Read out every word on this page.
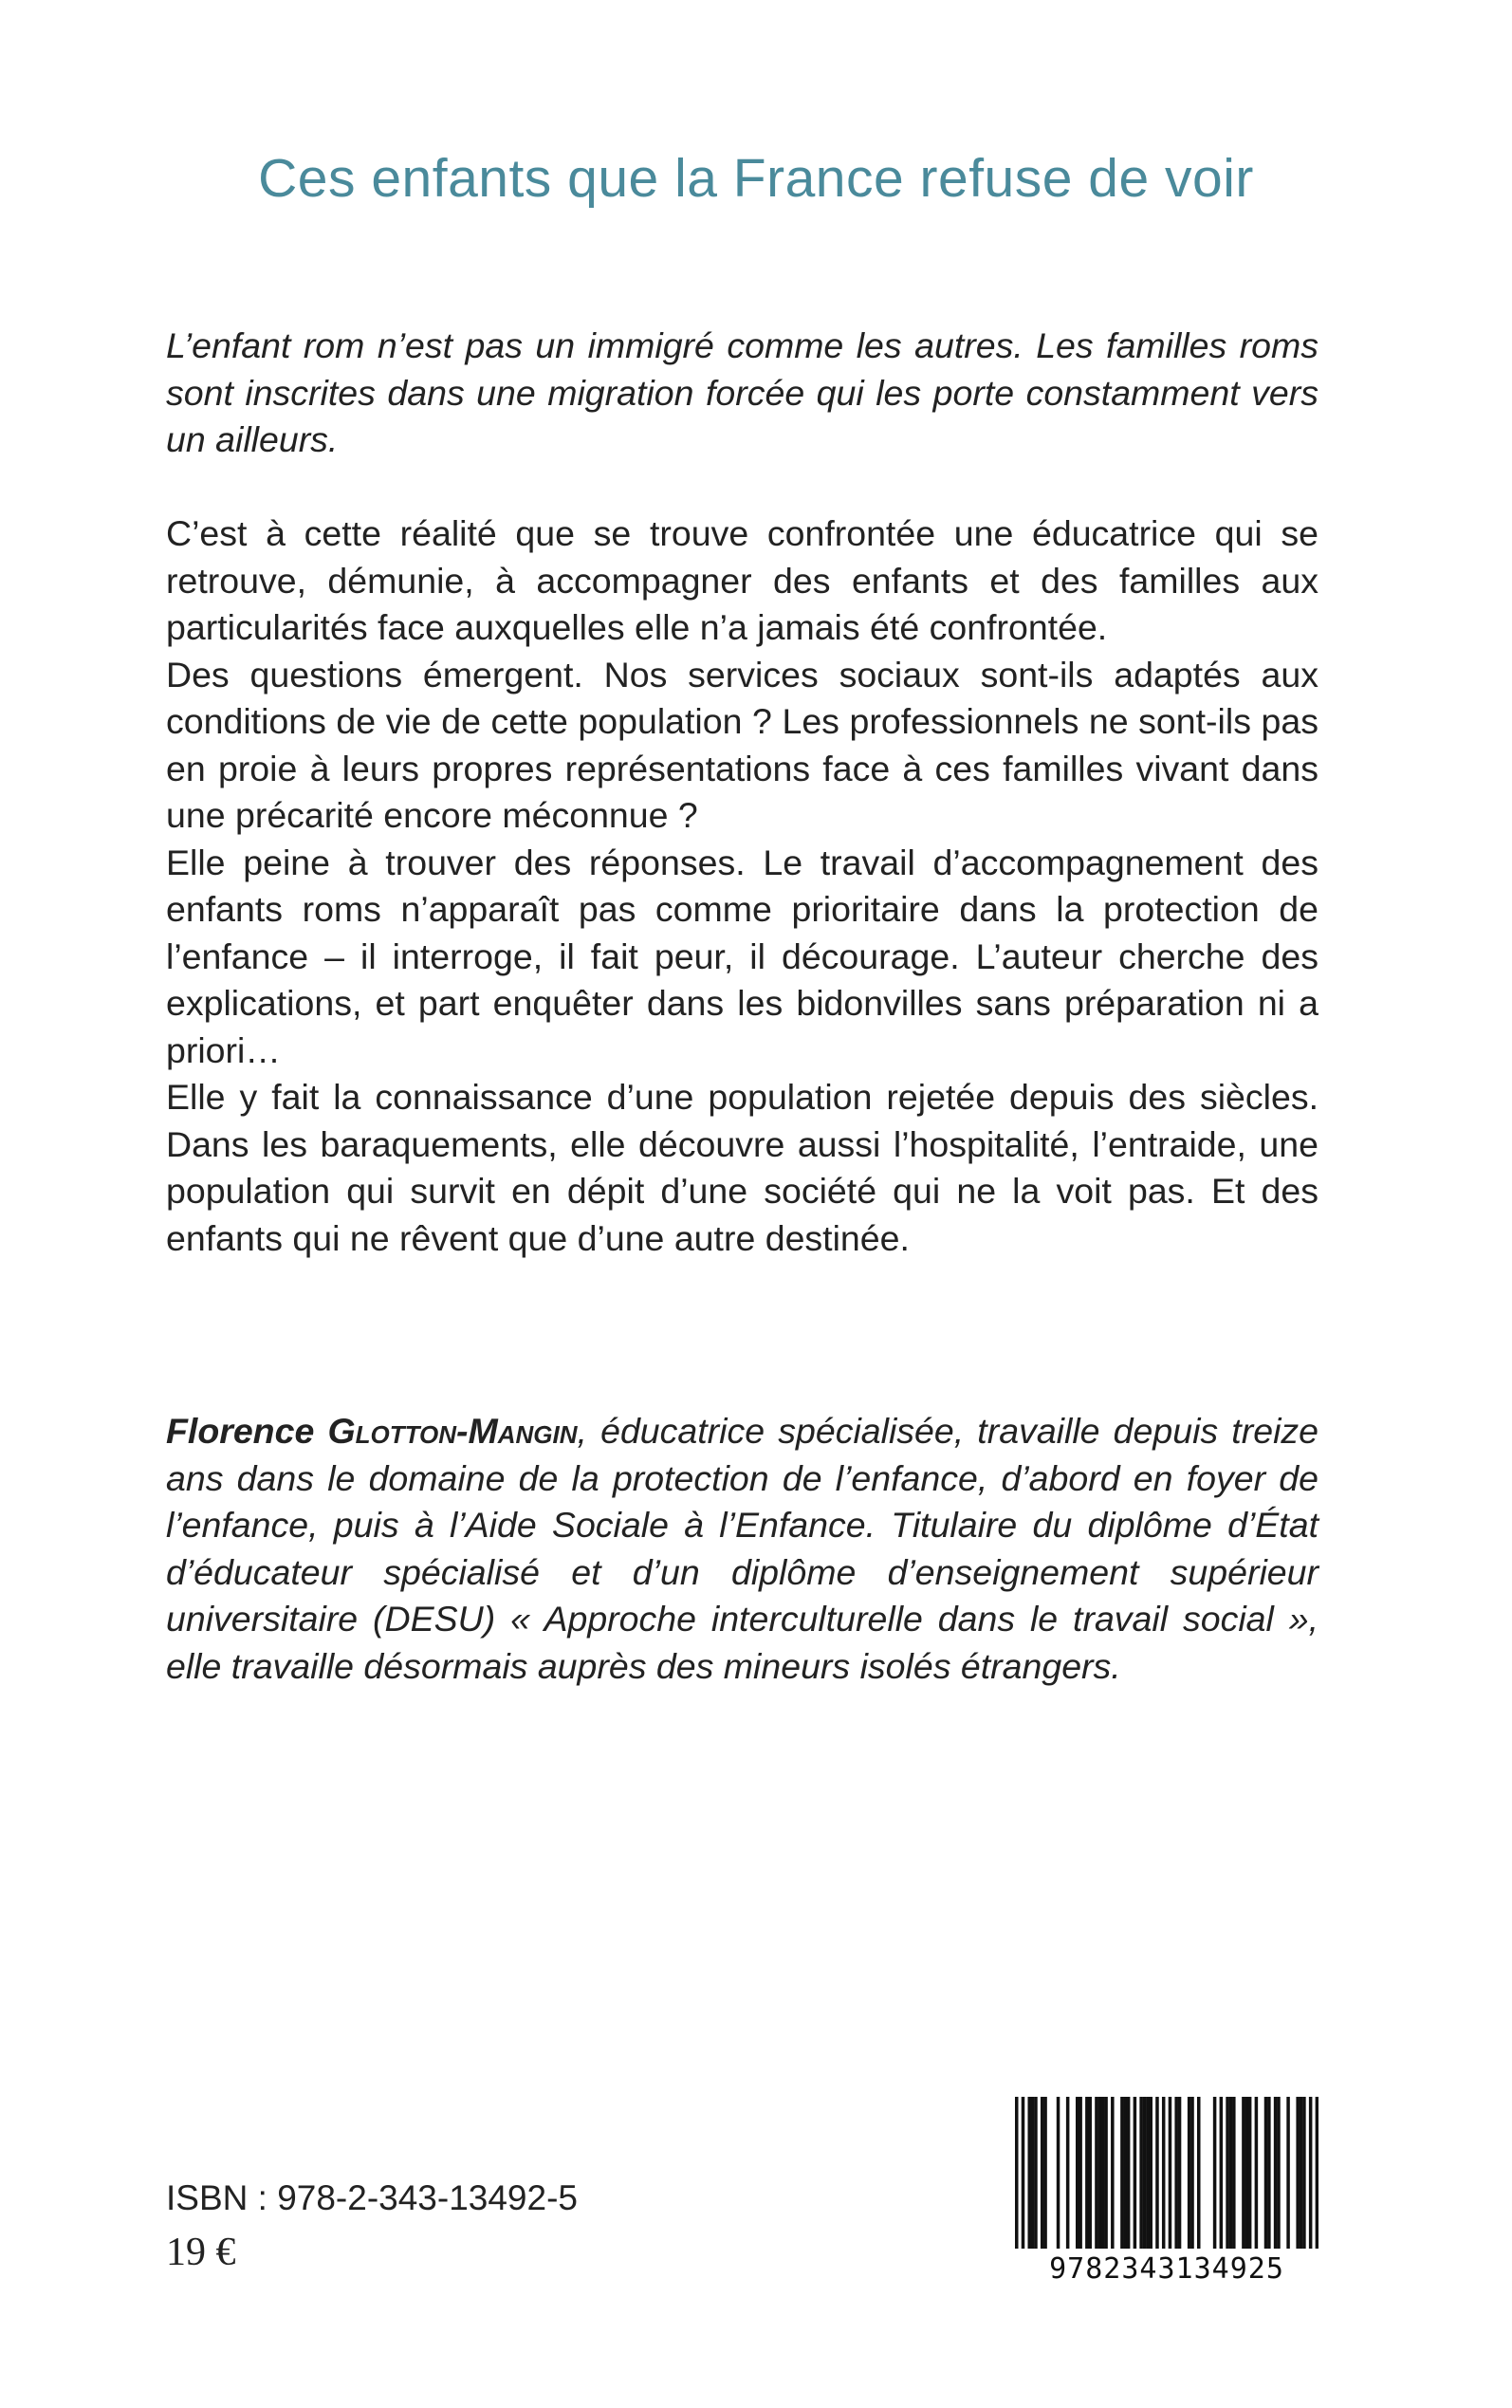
Ces enfants que la France refuse de voir

L’enfant rom n’est pas un immigré comme les autres. Les familles roms sont inscrites dans une migration forcée qui les porte constamment vers un ailleurs.

C’est à cette réalité que se trouve confrontée une éducatrice qui se retrouve, démunie, à accompagner des enfants et des familles aux particularités face auxquelles elle n’a jamais été confrontée.

Des questions émergent. Nos services sociaux sont-ils adaptés aux conditions de vie de cette population ? Les professionnels ne sont-ils pas en proie à leurs propres représentations face à ces familles vivant dans une précarité encore méconnue ?

Elle peine à trouver des réponses. Le travail d’accompagnement des enfants roms n’apparaît pas comme prioritaire dans la protection de l’enfance – il interroge, il fait peur, il décourage. L’auteur cherche des explications, et part enquêter dans les bidonvilles sans préparation ni a priori…

Elle y fait la connaissance d’une population rejetée depuis des siècles. Dans les baraquements, elle découvre aussi l’hospitalité, l’entraide, une population qui survit en dépit d’une société qui ne la voit pas. Et des enfants qui ne rêvent que d’une autre destinée.

Florence Glotton-Mangin, éducatrice spécialisée, travaille depuis treize ans dans le domaine de la protection de l’enfance, d’abord en foyer de l’enfance, puis à l’Aide Sociale à l’Enfance. Titulaire du diplôme d’État d’éducateur spécialisé et d’un diplôme d’enseignement supérieur universitaire (DESU) « Approche interculturelle dans le travail social », elle travaille désormais auprès des mineurs isolés étrangers.

ISBN : 978-2-343-13492-5
19 €	9782343134925
